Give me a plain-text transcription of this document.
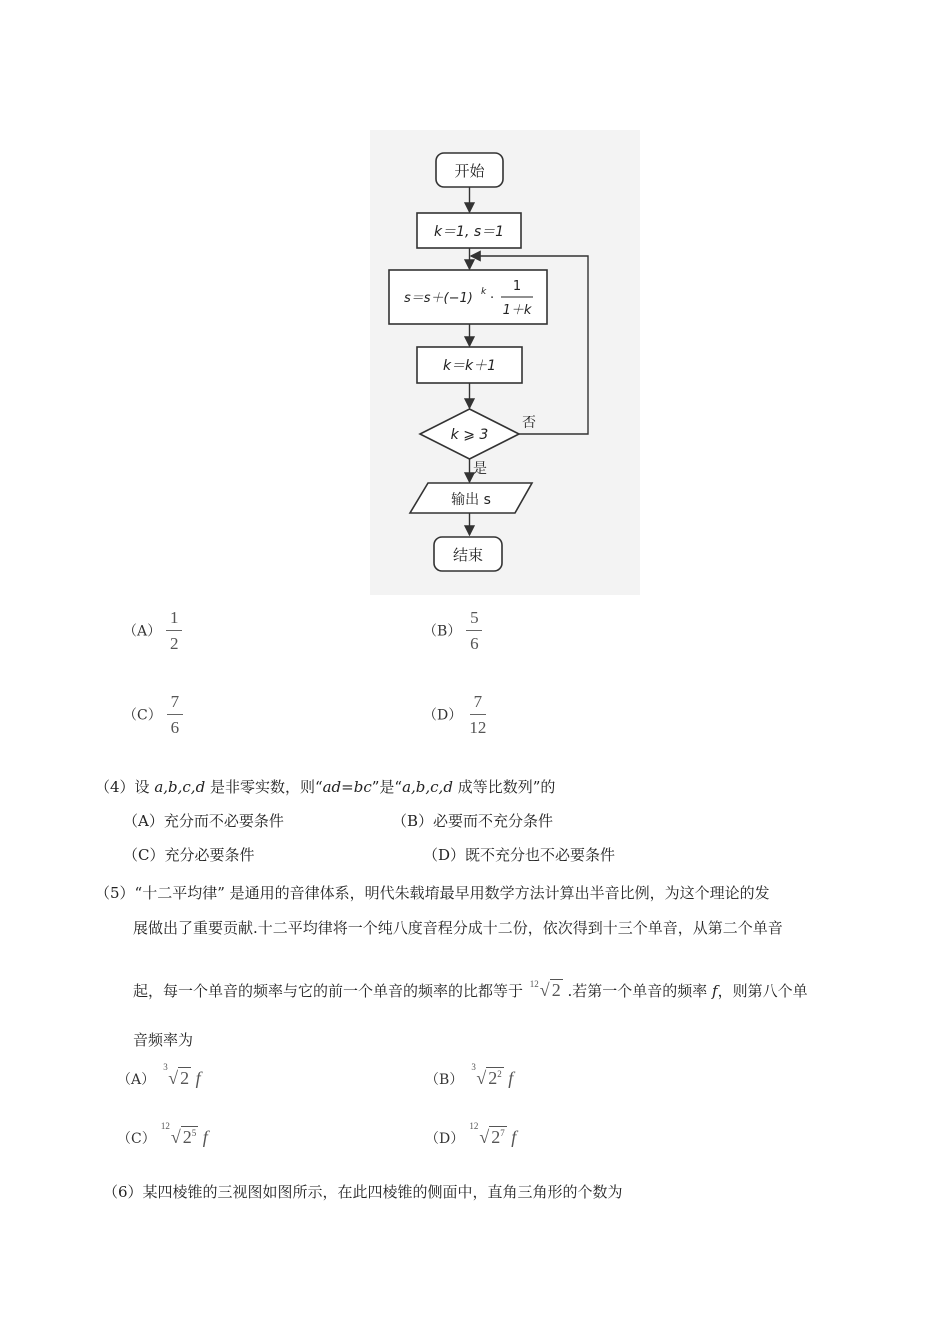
开始
k＝1, s＝1
s＝s＋(−1) k ·
1
1＋k
k＝k＋1
k ⩾ 3
否
是
输出 s
结束
$(A) \frac{1}{2}$	$(B) \frac{5}{6}$
$(C) \frac{7}{6}$	$(D) \frac{7}{12}$
（4）设 a,b,c,d 是非零实数，则“ad=bc”是“a,b,c,d 成等比数列”的
（A）充分而不必要条件	（B）必要而不充分条件
（C）充分必要条件	（D）既不充分也不必要条件
（5）“十二平均律” 是通用的音律体系，明代朱载堉最早用数学方法计算出半音比例，为这个理论的发
展做出了重要贡献.十二平均律将一个纯八度音程分成十二份，依次得到十三个单音，从第二个单音
起，每一个单音的频率与它的前一个单音的频率的比都等于 12 √ 2 .若第一个单音的频率 f，则第八个单
音频率为
（A）
3
√ 2 f	（B）
3
√ $2^2$ f
（C）
12
√ $2^5$ f	（D）
12
√ $2^7$ f
（6）某四棱锥的三视图如图所示，在此四棱锥的侧面中，直角三角形的个数为
